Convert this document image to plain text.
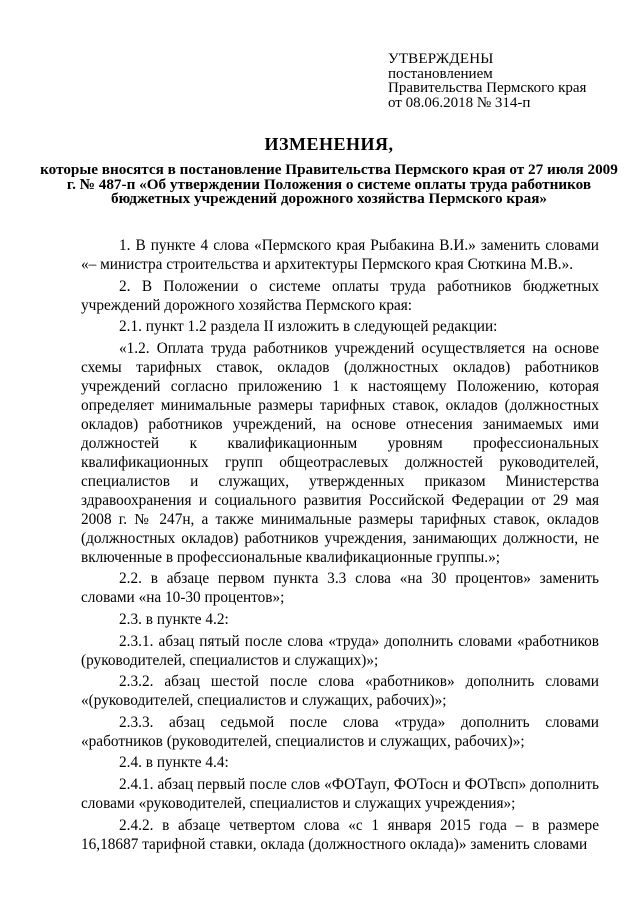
УТВЕРЖДЕНЫ
постановлением
Правительства Пермского края
от 08.06.2018 № 314-п
ИЗМЕНЕНИЯ,
которые вносятся в постановление Правительства Пермского края от 27 июля 2009 г. № 487-п «Об утверждении Положения о системе оплаты труда работников бюджетных учреждений дорожного хозяйства Пермского края»

1. В пункте 4 слова «Пермского края Рыбакина В.И.» заменить словами «– министра строительства и архитектуры Пермского края Сюткина М.В.».

2. В Положении о системе оплаты труда работников бюджетных учреждений дорожного хозяйства Пермского края:

2.1. пункт 1.2 раздела II изложить в следующей редакции:

«1.2. Оплата труда работников учреждений осуществляется на основе схемы тарифных ставок, окладов (должностных окладов) работников учреждений согласно приложению 1 к настоящему Положению, которая определяет минимальные размеры тарифных ставок, окладов (должностных окладов) работников учреждений, на основе отнесения занимаемых ими должностей к квалификационным уровням профессиональных квалификационных групп общеотраслевых должностей руководителей, специалистов и служащих, утвержденных приказом Министерства здравоохранения и социального развития Российской Федерации от 29 мая 2008 г. № 247н, а также минимальные размеры тарифных ставок, окладов (должностных окладов) работников учреждения, занимающих должности, не включенные в профессиональные квалификационные группы.»;

2.2. в абзаце первом пункта 3.3 слова «на 30 процентов» заменить словами «на 10-30 процентов»;

2.3. в пункте 4.2:

2.3.1. абзац пятый после слова «труда» дополнить словами «работников (руководителей, специалистов и служащих)»;

2.3.2. абзац шестой после слова «работников» дополнить словами «(руководителей, специалистов и служащих, рабочих)»;

2.3.3. абзац седьмой после слова «труда» дополнить словами «работников (руководителей, специалистов и служащих, рабочих)»;

2.4. в пункте 4.4:

2.4.1. абзац первый после слов «ФОТауп, ФОТосн и ФОТвсп» дополнить словами «руководителей, специалистов и служащих учреждения»;

2.4.2. в абзаце четвертом слова «с 1 января 2015 года – в размере 16,18687 тарифной ставки, оклада (должностного оклада)» заменить словами
